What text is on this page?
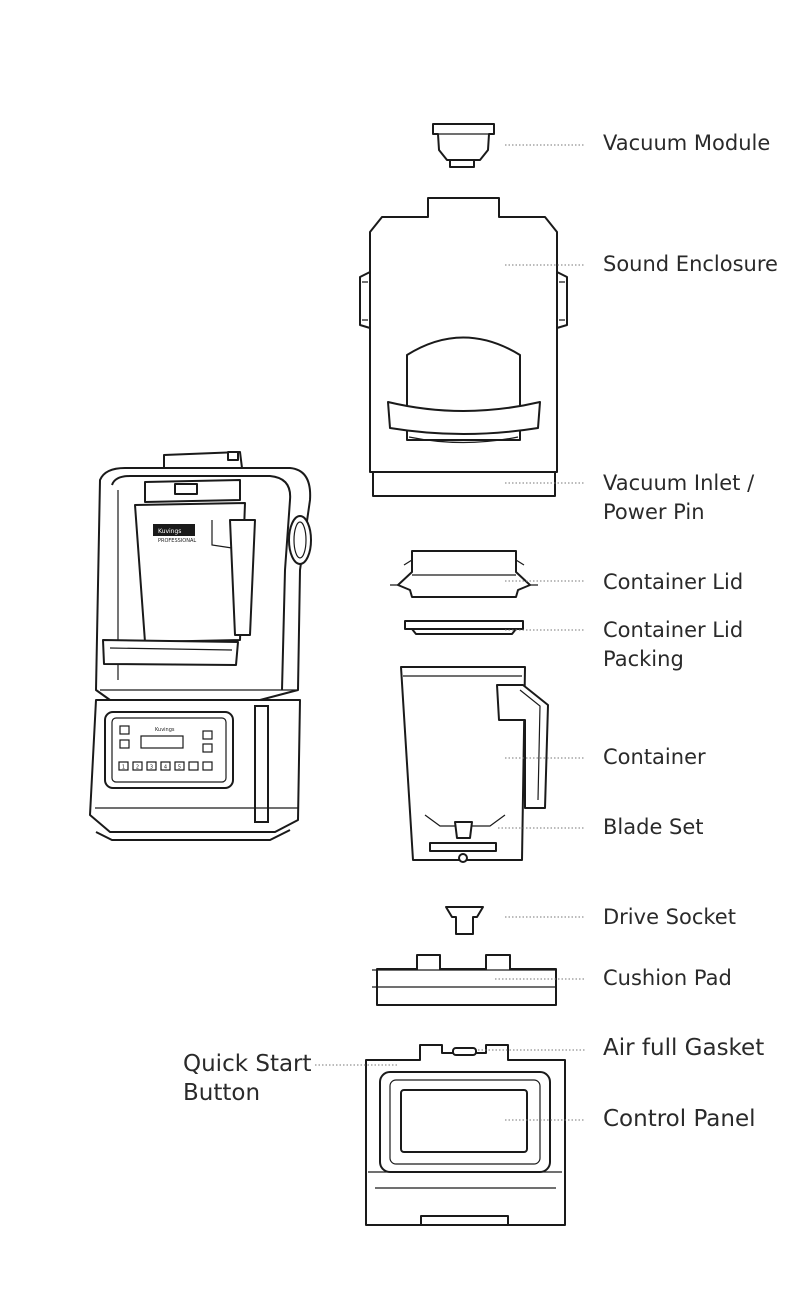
Kuvings
PROFESSIONAL
Kuvings
1 2 3 4 5
Vacuum Module
Sound Enclosure
Vacuum Inlet /
Power Pin
Container Lid
Container Lid
Packing
Container
Blade Set
Drive Socket
Cushion Pad
Air full Gasket
Control Panel
Quick Start
Button
